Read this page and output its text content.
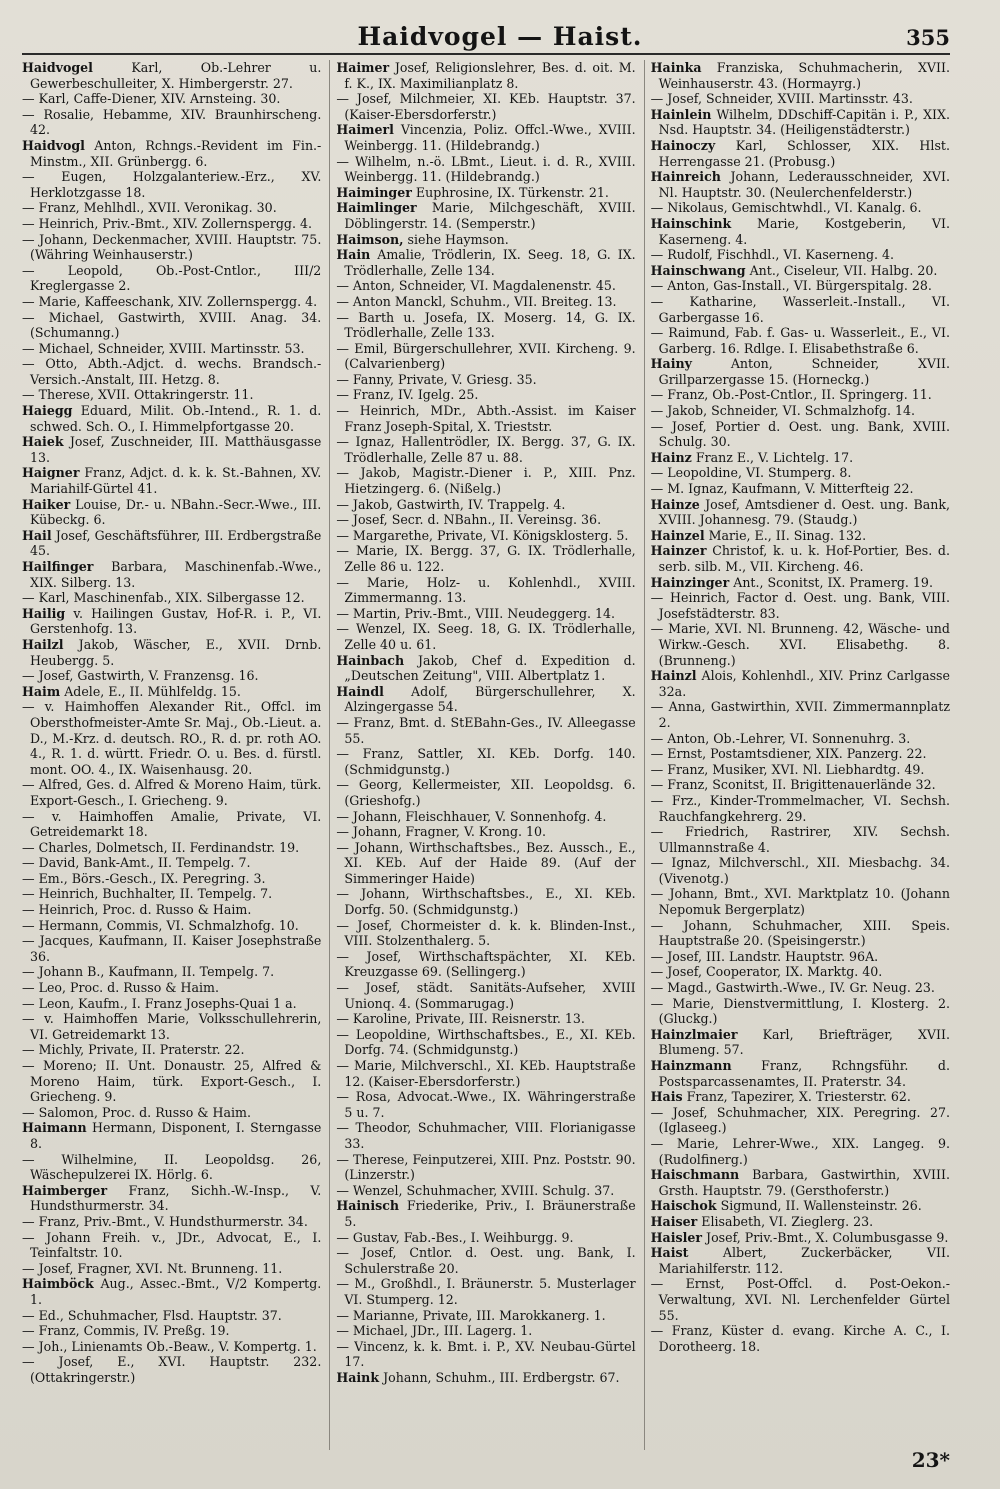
Haidvogel — Haist.	355

Haidvogel	Karl, Ob.-Lehrer u. Gewerbeschulleiter, X. Himbergerstr. 27.

— Karl, Caffe-Diener, XIV. Arnsteing. 30.

— Rosalie, Hebamme, XIV. Braunhirscheng. 42.

Haidvogl Anton, Rchngs.-Revident im Fin.-Minstm., XII. Grünbergg. 6.

— Eugen, Holzgalanteriew.-Erz., XV. Herklotzgasse 18.

— Franz, Mehlhdl., XVII. Veronikag. 30.

— Heinrich, Priv.-Bmt., XIV. Zollernspergg. 4.

— Johann, Deckenmacher, XVIII. Hauptstr. 75. (Währing Weinhauserstr.)

— Leopold, Ob.-Post-Cntlor., III/2 Kreglergasse 2.

— Marie, Kaffeeschank, XIV. Zollernspergg. 4.

— Michael, Gastwirth, XVIII. Anag. 34. (Schumanng.)

— Michael, Schneider, XVIII. Martinsstr. 53.

— Otto, Abth.-Adjct. d. wechs. Brandsch.-Versich.-Anstalt, III. Hetzg. 8.

— Therese, XVII. Ottakringerstr. 11.

Haiegg Eduard, Milit. Ob.-Intend., R. 1. d. schwed. Sch. O., I. Himmelpfortgasse 20.

Haiek Josef, Zuschneider, III. Matthäusgasse 13.

Haigner Franz, Adjct. d. k. k. St.-Bahnen, XV. Mariahilf-Gürtel 41.

Haiker Louise, Dr.- u. NBahn.-Secr.-Wwe., III. Kübeckg. 6.

Hail Josef, Geschäftsführer, III. Erdbergstraße 45.

Hailfinger Barbara, Maschinenfab.-Wwe., XIX. Silberg. 13.

— Karl, Maschinenfab., XIX. Silbergasse 12.

Hailig v. Hailingen Gustav, Hof-R. i. P., VI. Gerstenhofg. 13.

Hailzl Jakob, Wäscher, E., XVII. Drnb. Heubergg. 5.

— Josef, Gastwirth, V. Franzensg. 16.

Haim Adele, E., II. Mühlfeldg. 15.

— v. Haimhoffen Alexander Rit., Offcl. im Obersthofmeister-Amte Sr. Maj., Ob.-Lieut. a. D., M.-Krz. d. deutsch. RO., R. d. pr. roth AO. 4., R. 1. d. württ. Friedr. O. u. Bes. d. fürstl. mont. OO. 4., IX. Waisenhausg. 20.

— Alfred, Ges. d. Alfred & Moreno Haim, türk. Export-Gesch., I. Griecheng. 9.

— v. Haimhoffen Amalie, Private, VI. Getreidemarkt 18.

— Charles, Dolmetsch, II. Ferdinandstr. 19.

— David, Bank-Amt., II. Tempelg. 7.

— Em., Börs.-Gesch., IX. Peregring. 3.

— Heinrich, Buchhalter, II. Tempelg. 7.

— Heinrich, Proc. d. Russo & Haim.

— Hermann, Commis, VI. Schmalzhofg. 10.

— Jacques, Kaufmann, II. Kaiser Josephstraße 36.

— Johann B., Kaufmann, II. Tempelg. 7.

— Leo, Proc. d. Russo & Haim.

— Leon, Kaufm., I. Franz Josephs-Quai 1 a.

— v. Haimhoffen Marie, Volksschullehrerin, VI. Getreidemarkt 13.

— Michly, Private, II. Praterstr. 22.

— Moreno; II. Unt. Donaustr. 25, Alfred & Moreno Haim, türk. Export-Gesch., I. Griecheng. 9.

— Salomon, Proc. d. Russo & Haim.

Haimann Hermann, Disponent, I. Sterngasse 8.

— Wilhelmine, II. Leopoldsg. 26, Wäschepulzerei IX. Hörlg. 6.

Haimberger Franz, Sichh.-W.-Insp., V. Hundsthurmerstr. 34.

— Franz, Priv.-Bmt., V. Hundsthurmerstr. 34.

— Johann Freih. v., JDr., Advocat, E., I. Teinfaltstr. 10.

— Josef, Fragner, XVI. Nt. Brunneng. 11.

Haimböck Aug., Assec.-Bmt., V/2 Kompertg. 1.

— Ed., Schuhmacher, Flsd. Hauptstr. 37.

— Franz, Commis, IV. Preßg. 19.

— Joh., Linienamts Ob.-Beaw., V. Kompertg. 1.

— Josef, E., XVI. Hauptstr. 232. (Ottakringerstr.)

Haimer Josef, Religionslehrer, Bes. d. oit. M. f. K., IX. Maximilianplatz 8.

— Josef, Milchmeier, XI. KEb. Hauptstr. 37. (Kaiser-Ebersdorferstr.)

Haimerl Vincenzia, Poliz. Offcl.-Wwe., XVIII. Weinbergg. 11. (Hildebrandg.)

— Wilhelm, n.-ö. LBmt., Lieut. i. d. R., XVIII. Weinbergg. 11. (Hildebrandg.)

Haiminger Euphrosine, IX. Türkenstr. 21.

Haimlinger Marie, Milchgeschäft, XVIII. Döblingerstr. 14. (Semperstr.)

Haimson, siehe Haymson.

Hain Amalie, Trödlerin, IX. Seeg. 18, G. IX. Trödlerhalle, Zelle 134.

— Anton, Schneider, VI. Magdalenenstr. 45.

— Anton Manckl, Schuhm., VII. Breiteg. 13.

— Barth u. Josefa, IX. Moserg. 14, G. IX. Trödlerhalle, Zelle 133.

— Emil, Bürgerschullehrer, XVII. Kircheng. 9. (Calvarienberg)

— Fanny, Private, V. Griesg. 35.

— Franz, IV. Igelg. 25.

— Heinrich, MDr., Abth.-Assist. im Kaiser Franz Joseph-Spital, X. Trieststr.

— Ignaz, Hallentrödler, IX. Bergg. 37, G. IX. Trödlerhalle, Zelle 87 u. 88.

— Jakob, Magistr.-Diener i. P., XIII. Pnz. Hietzingerg. 6. (Nißelg.)

— Jakob, Gastwirth, IV. Trappelg. 4.

— Josef, Secr. d. NBahn., II. Vereinsg. 36.

— Margarethe, Private, VI. Königsklosterg. 5.

— Marie, IX. Bergg. 37, G. IX. Trödlerhalle, Zelle 86 u. 122.

— Marie, Holz- u. Kohlenhdl., XVIII. Zimmermanng. 13.

— Martin, Priv.-Bmt., VIII. Neudeggerg. 14.

— Wenzel, IX. Seeg. 18, G. IX. Trödlerhalle, Zelle 40 u. 61.

Hainbach Jakob, Chef d. Expedition d. „Deutschen Zeitung", VIII. Albertplatz 1.

Haindl Adolf, Bürgerschullehrer, X. Alzingergasse 54.

— Franz, Bmt. d. StEBahn-Ges., IV. Alleegasse 55.

— Franz, Sattler, XI. KEb. Dorfg. 140. (Schmidgunstg.)

— Georg, Kellermeister, XII. Leopoldsg. 6. (Grieshofg.)

— Johann, Fleischhauer, V. Sonnenhofg. 4.

— Johann, Fragner, V. Krong. 10.

— Johann, Wirthschaftsbes., Bez. Aussch., E., XI. KEb. Auf der Haide 89. (Auf der Simmeringer Haide)

— Johann, Wirthschaftsbes., E., XI. KEb. Dorfg. 50. (Schmidgunstg.)

— Josef, Chormeister d. k. k. Blinden-Inst., VIII. Stolzenthalerg. 5.

— Josef, Wirthschaftspächter, XI. KEb. Kreuzgasse 69. (Sellingerg.)

— Josef, städt. Sanitäts-Aufseher, XVIII Unionq. 4. (Sommarugag.)

— Karoline, Private, III. Reisnerstr. 13.

— Leopoldine, Wirthschaftsbes., E., XI. KEb. Dorfg. 74. (Schmidgunstg.)

— Marie, Milchverschl., XI. KEb. Hauptstraße 12. (Kaiser-Ebersdorferstr.)

— Rosa, Advocat.-Wwe., IX. Währingerstraße 5 u. 7.

— Theodor, Schuhmacher, VIII. Florianigasse 33.

— Therese, Feinputzerei, XIII. Pnz. Poststr. 90. (Linzerstr.)

— Wenzel, Schuhmacher, XVIII. Schulg. 37.

Hainisch Friederike, Priv., I. Bräunerstraße 5.

— Gustav, Fab.-Bes., I. Weihburgg. 9.

— Josef, Cntlor. d. Oest. ung. Bank, I. Schulerstraße 20.

— M., Großhdl., I. Bräunerstr. 5. Musterlager VI. Stumperg. 12.

— Marianne, Private, III. Marokkanerg. 1.

— Michael, JDr., III. Lagerg. 1.

— Vincenz, k. k. Bmt. i. P., XV. Neubau-Gürtel 17.

Haink Johann, Schuhm., III. Erdbergstr. 67.

Hainka Franziska, Schuhmacherin, XVII. Weinhauserstr. 43. (Hormayrg.)

— Josef, Schneider, XVIII. Martinsstr. 43.

Hainlein Wilhelm, DDschiff-Capitän i. P., XIX. Nsd. Hauptstr. 34. (Heiligenstädterstr.)

Hainoczy Karl, Schlosser, XIX. Hlst. Herrengasse 21. (Probusg.)

Hainreich Johann, Lederausschneider, XVI. Nl. Hauptstr. 30. (Neulerchenfelderstr.)

— Nikolaus, Gemischtwhdl., VI. Kanalg. 6.

Hainschink Marie, Kostgeberin, VI. Kaserneng. 4.

— Rudolf, Fischhdl., VI. Kaserneng. 4.

Hainschwang Ant., Ciseleur, VII. Halbg. 20.

— Anton, Gas-Install., VI. Bürgerspitalg. 28.

— Katharine, Wasserleit.-Install., VI. Garbergasse 16.

— Raimund, Fab. f. Gas- u. Wasserleit., E., VI. Garberg. 16. Rdlge. I. Elisabethstraße 6.

Hainy	Anton, Schneider, XVII. Grillparzergasse 15. (Horneckg.)

— Franz, Ob.-Post-Cntlor., II. Springerg. 11.

— Jakob, Schneider, VI. Schmalzhofg. 14.

— Josef, Portier d. Oest. ung. Bank, XVIII. Schulg. 30.

Hainz Franz E., V. Lichtelg. 17.

— Leopoldine, VI. Stumperg. 8.

— M. Ignaz, Kaufmann, V. Mitterfteig 22.

Hainze Josef, Amtsdiener d. Oest. ung. Bank, XVIII. Johannesg. 79. (Staudg.)

Hainzel Marie, E., II. Sinag. 132.

Hainzer Christof, k. u. k. Hof-Portier, Bes. d. serb. silb. M., VII. Kircheng. 46.

Hainzinger Ant., Sconitst, IX. Pramerg. 19.

— Heinrich, Factor d. Oest. ung. Bank, VIII. Josefstädterstr. 83.

— Marie, XVI. Nl. Brunneng. 42, Wäsche- und Wirkw.-Gesch. XVI. Elisabethg. 8. (Brunneng.)

Hainzl Alois, Kohlenhdl., XIV. Prinz Carlgasse 32a.

— Anna, Gastwirthin, XVII. Zimmermannplatz 2.

— Anton, Ob.-Lehrer, VI. Sonnenuhrg. 3.

— Ernst, Postamtsdiener, XIX. Panzerg. 22.

— Franz, Musiker, XVI. Nl. Liebhardtg. 49.

— Franz, Sconitst, II. Brigittenauerlände 32.

— Frz., Kinder-Trommelmacher, VI. Sechsh. Rauchfangkehrerg. 29.

— Friedrich, Rastrirer, XIV. Sechsh. Ullmannstraße 4.

— Ignaz, Milchverschl., XII. Miesbachg. 34. (Vivenotg.)

— Johann, Bmt., XVI. Marktplatz 10. (Johann Nepomuk Bergerplatz)

— Johann, Schuhmacher, XIII. Speis. Hauptstraße 20. (Speisingerstr.)

— Josef, III. Landstr. Hauptstr. 96A.

— Josef, Cooperator, IX. Marktg. 40.

— Magd., Gastwirth.-Wwe., IV. Gr. Neug. 23.

— Marie, Dienstvermittlung, I. Klosterg. 2. (Gluckg.)

Hainzlmaier Karl, Briefträger, XVII. Blumeng. 57.

Hainzmann Franz, Rchngsführ. d. Postsparcassenamtes, II. Praterstr. 34.

Hais Franz, Tapezirer, X. Triesterstr. 62.

— Josef, Schuhmacher, XIX. Peregring. 27. (Iglaseeg.)

— Marie, Lehrer-Wwe., XIX. Langeg. 9. (Rudolfinerg.)

Haischmann Barbara, Gastwirthin, XVIII. Grsth. Hauptstr. 79. (Gersthoferstr.)

Haischok Sigmund, II. Wallensteinstr. 26.

Haiser Elisabeth, VI. Zieglerg. 23.

Haisler Josef, Priv.-Bmt., X. Columbusgasse 9.

Haist	Albert, Zuckerbäcker, VII. Mariahilferstr. 112.

— Ernst, Post-Offcl. d. Post-Oekon.-Verwaltung, XVI. Nl. Lerchenfelder Gürtel 55.

— Franz, Küster d. evang. Kirche A. C., I. Dorotheerg. 18.

23*
